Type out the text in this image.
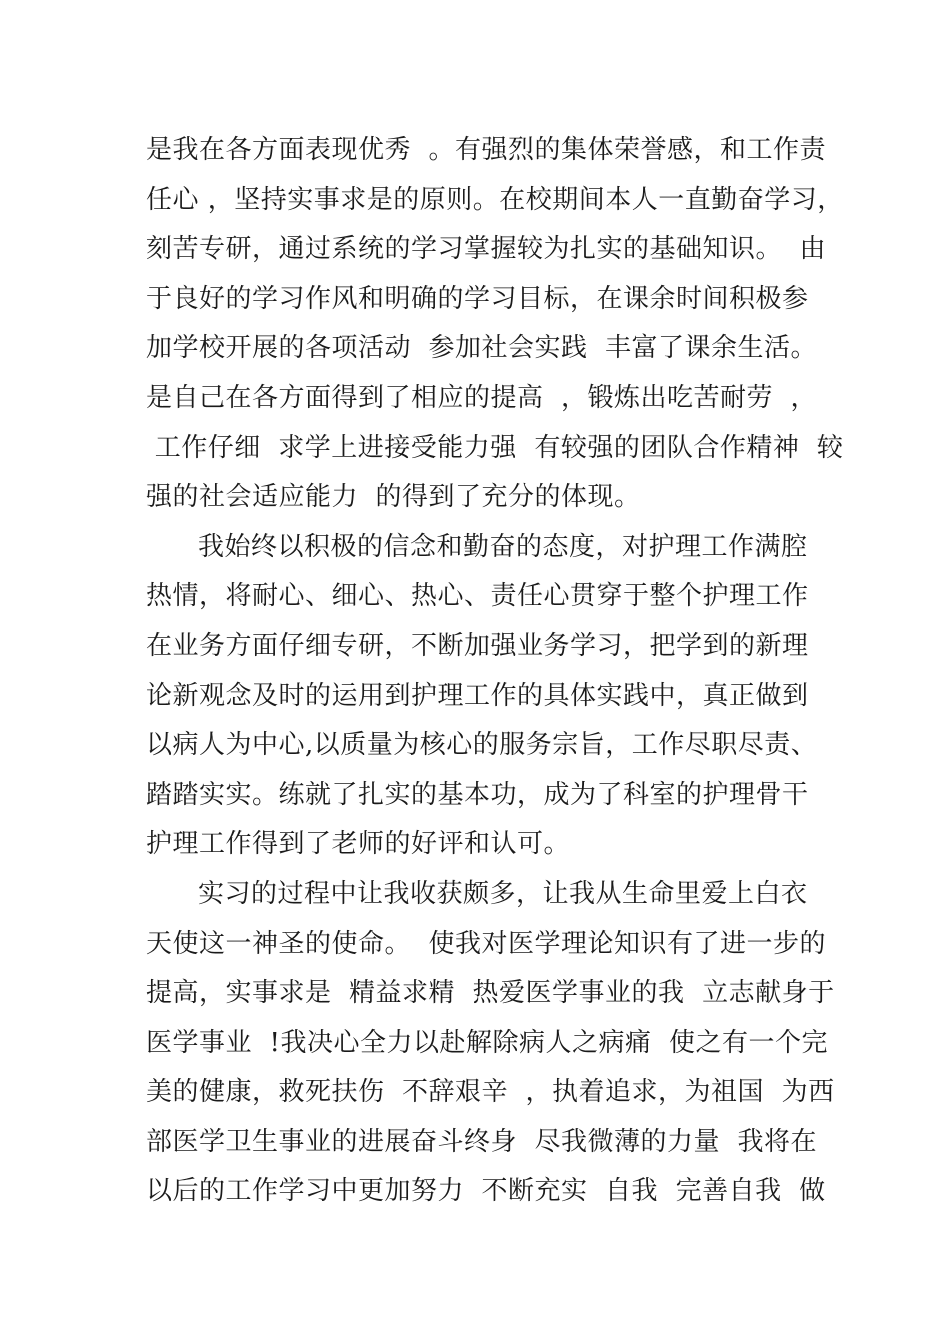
是我在各方面表现优秀  。有强烈的集体荣誉感，和工作责
任心 ，坚持实事求是的原则。在校期间本人一直勤奋学习，
刻苦专研，通过系统的学习掌握较为扎实的基础知识。  由
于良好的学习作风和明确的学习目标，在课余时间积极参
加学校开展的各项活动  参加社会实践  丰富了课余生活。
是自己在各方面得到了相应的提高  ，锻炼出吃苦耐劳  ，
工作仔细  求学上进接受能力强  有较强的团队合作精神  较
强的社会适应能力  的得到了充分的体现。
我始终以积极的信念和勤奋的态度，对护理工作满腔
热情，将耐心、细心、热心、责任心贯穿于整个护理工作
在业务方面仔细专研，不断加强业务学习，把学到的新理
论新观念及时的运用到护理工作的具体实践中，真正做到
以病人为中心,以质量为核心的服务宗旨，工作尽职尽责、
踏踏实实。练就了扎实的基本功，成为了科室的护理骨干
护理工作得到了老师的好评和认可。
实习的过程中让我收获颇多，让我从生命里爱上白衣
天使这一神圣的使命。  使我对医学理论知识有了进一步的
提高，实事求是  精益求精  热爱医学事业的我  立志献身于
医学事业  !我决心全力以赴解除病人之病痛  使之有一个完
美的健康，救死扶伤  不辞艰辛  ，执着追求，为祖国  为西
部医学卫生事业的进展奋斗终身  尽我微薄的力量  我将在
以后的工作学习中更加努力  不断充实  自我  完善自我  做
